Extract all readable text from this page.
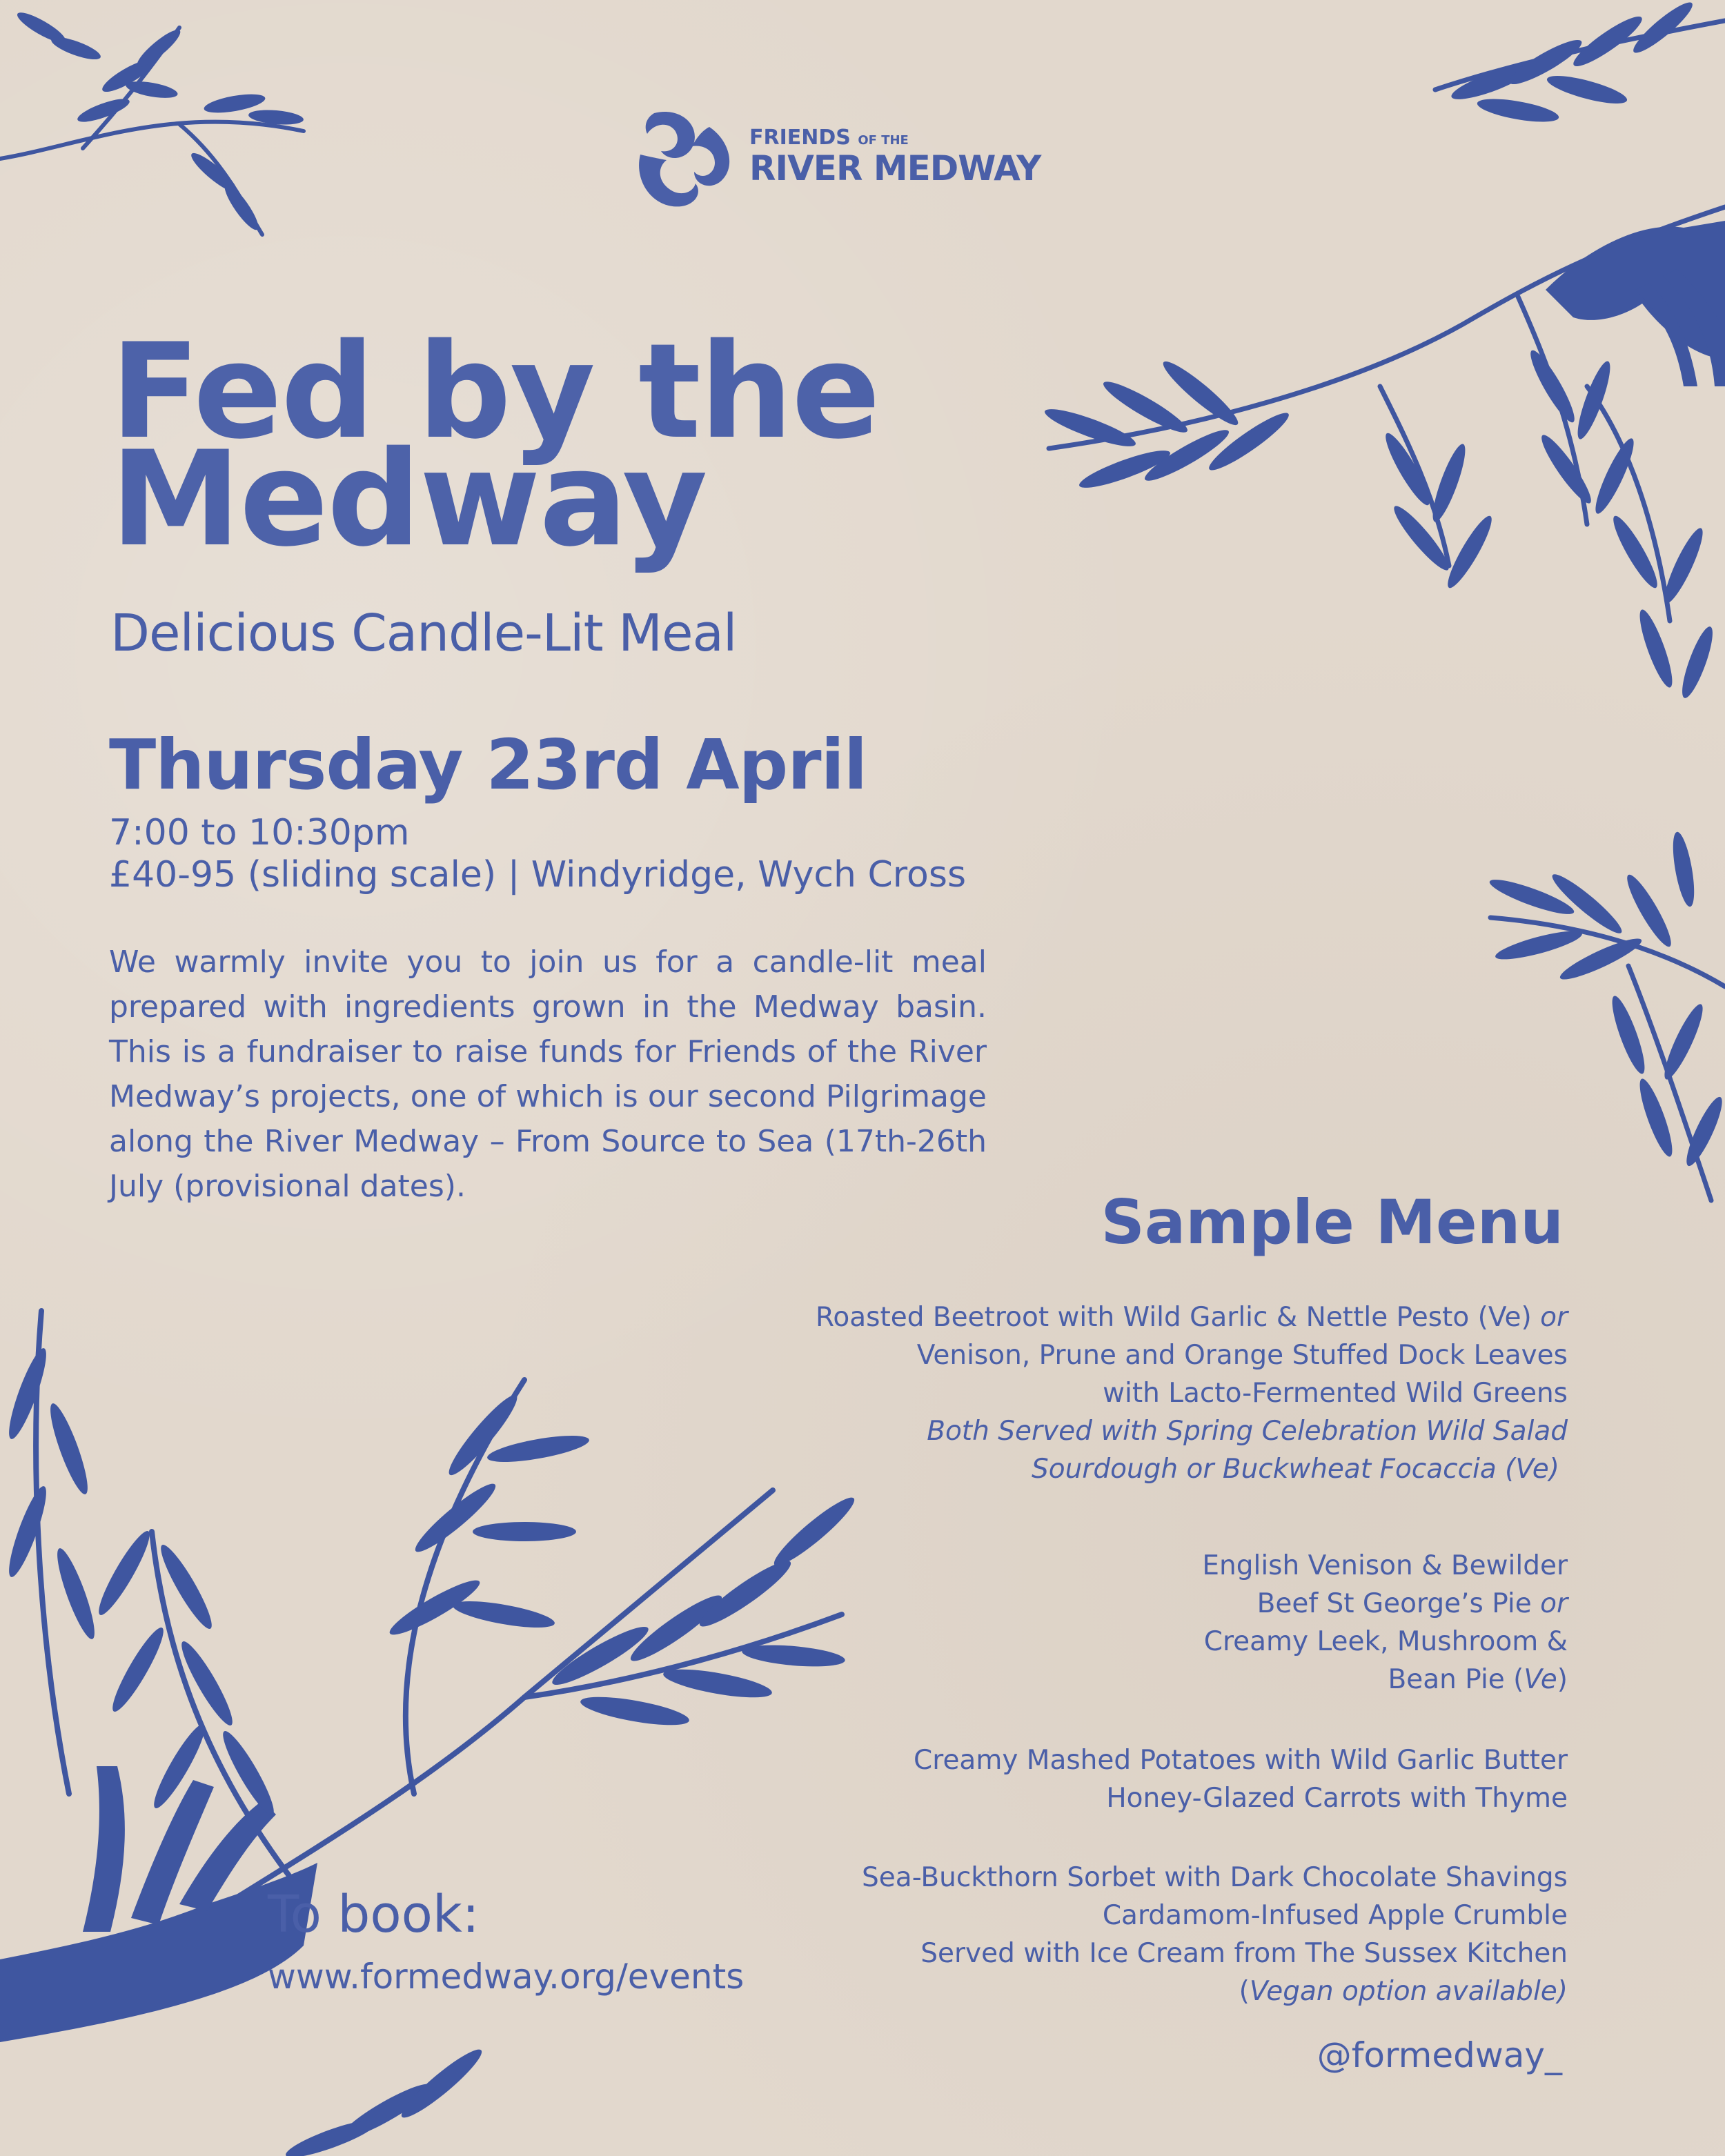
FRIENDS OF THE
RIVER MEDWAY
Fed by the
Medway
Delicious Candle-Lit Meal
Thursday 23rd April
7:00 to 10:30pm
£40-95 (sliding scale) | Windyridge, Wych Cross
We warmly invite you to join us for a candle-lit meal prepared with ingredients grown in the Medway basin. This is a fundraiser to raise funds for Friends of the River Medway’s projects, one of which is our second Pilgrimage along the River Medway – From Source to Sea (17th-26th July (provisional dates).
Sample Menu
Roasted Beetroot with Wild Garlic & Nettle Pesto (Ve) or
Venison, Prune and Orange Stuffed Dock Leaves
with Lacto-Fermented Wild Greens
Both Served with Spring Celebration Wild Salad
Sourdough or Buckwheat Focaccia (Ve)
English Venison & Bewilder
Beef St George’s Pie or
Creamy Leek, Mushroom &
Bean Pie (Ve)
Creamy Mashed Potatoes with Wild Garlic Butter
Honey-Glazed Carrots with Thyme
Sea-Buckthorn Sorbet with Dark Chocolate Shavings
Cardamom-Infused Apple Crumble
Served with Ice Cream from The Sussex Kitchen
(Vegan option available)
To book:
www.formedway.org/events
@formedway_
